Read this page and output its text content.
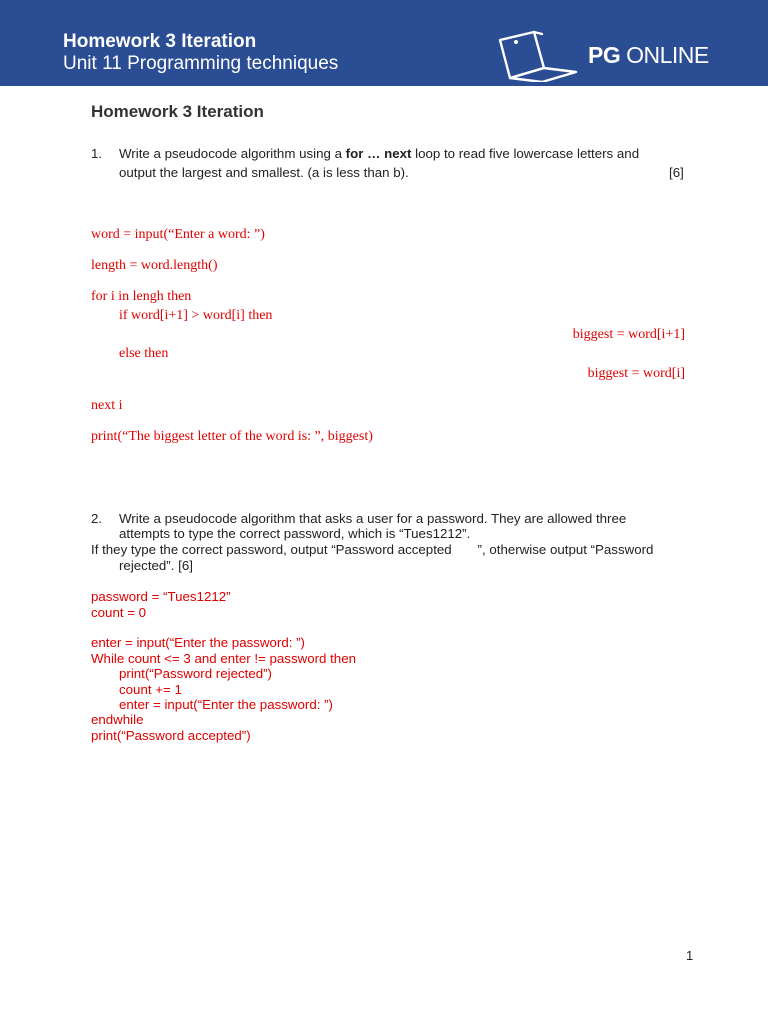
Homework 3 Iteration
Unit 11 Programming techniques	PG ONLINE
Homework 3 Iteration
1. Write a pseudocode algorithm using a for … next loop to read five lowercase letters and
output the largest and smallest. (a is less than b).	[6]
word = input(“Enter a word: ”)
length = word.length()
for i in lengh then
if word[i+1] > word[i] then
biggest = word[i+1]
else then
biggest = word[i]
next i
print(“The biggest letter of the word is: ”, biggest)
2. Write a pseudocode algorithm that asks a user for a password. They are allowed three
attempts to type the correct password, which is “Tues1212”.
If they type the correct password, output “Password accepted       ”, otherwise output “Password
rejected”. [6]
password = “Tues1212”
count = 0
enter = input(“Enter the password: ”)
While count <= 3 and enter != password then
print(“Password rejected”)
count += 1
enter = input(“Enter the password: ”)
endwhile
print(“Password accepted”)
1
